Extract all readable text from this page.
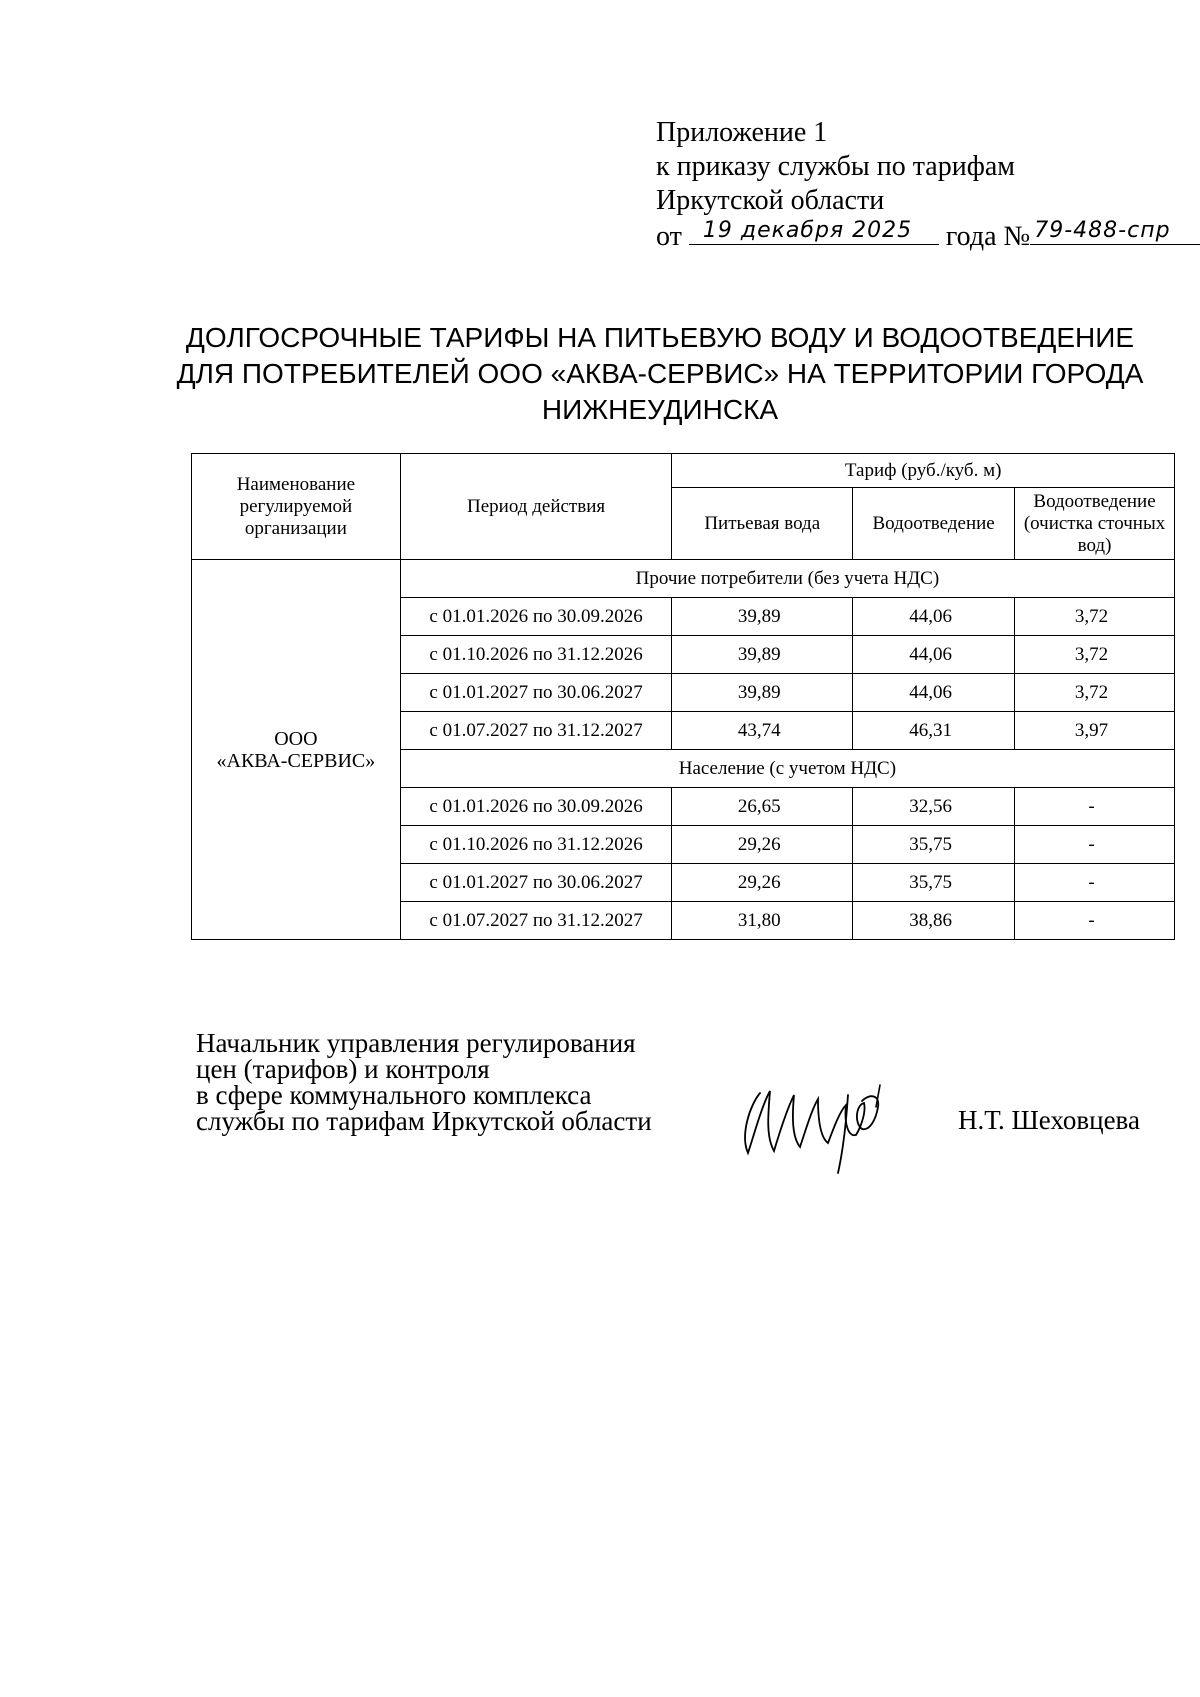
Приложение 1
к приказу службы по тарифам
Иркутской области
от 19 декабря 2025 года № 79-488-спр
ДОЛГОСРОЧНЫЕ ТАРИФЫ НА ПИТЬЕВУЮ ВОДУ И ВОДООТВЕДЕНИЕ
ДЛЯ ПОТРЕБИТЕЛЕЙ ООО «АКВА-СЕРВИС» НА ТЕРРИТОРИИ ГОРОДА
НИЖНЕУДИНСКА
Наименование регулируемой организации	Период действия	Тариф (руб./куб. м)		
		Питьевая вода	Водоотведение	Водоотведение (очистка сточных вод)

ООО
«АКВА-СЕРВИС»	Прочие потребители (без учета НДС)			
	с 01.01.2026 по 30.09.2026	39,89	44,06	3,72
	с 01.10.2026 по 31.12.2026	39,89	44,06	3,72
	с 01.01.2027 по 30.06.2027	39,89	44,06	3,72
	с 01.07.2027 по 31.12.2027	43,74	46,31	3,97
	Население (с учетом НДС)			
	с 01.01.2026 по 30.09.2026	26,65	32,56	-
	с 01.10.2026 по 31.12.2026	29,26	35,75	-
	с 01.01.2027 по 30.06.2027	29,26	35,75	-
	с 01.07.2027 по 31.12.2027	31,80	38,86	-
Начальник управления регулирования
цен (тарифов) и контроля
в сфере коммунального комплекса
службы по тарифам Иркутской области	Н.Т. Шеховцева
